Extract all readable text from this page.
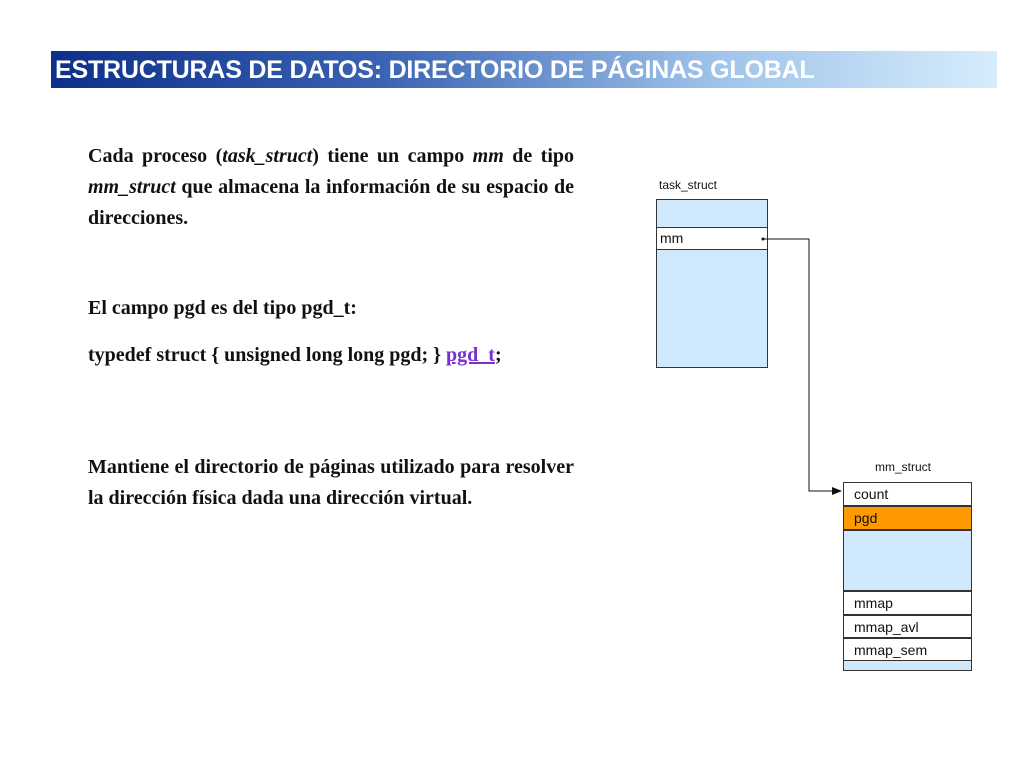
ESTRUCTURAS DE DATOS: DIRECTORIO DE PÁGINAS GLOBAL

Cada proceso (task_struct) tiene un campo mm de tipo mm_struct que almacena la información de su espacio de direcciones.

El campo pgd es del tipo pgd_t:

typedef struct { unsigned long long pgd; } pgd_t;

Mantiene el directorio de páginas utilizado para resolver la dirección física dada una dirección virtual.

task_struct
mm
mm_struct
count
pgd
mmap
mmap_avl
mmap_sem
